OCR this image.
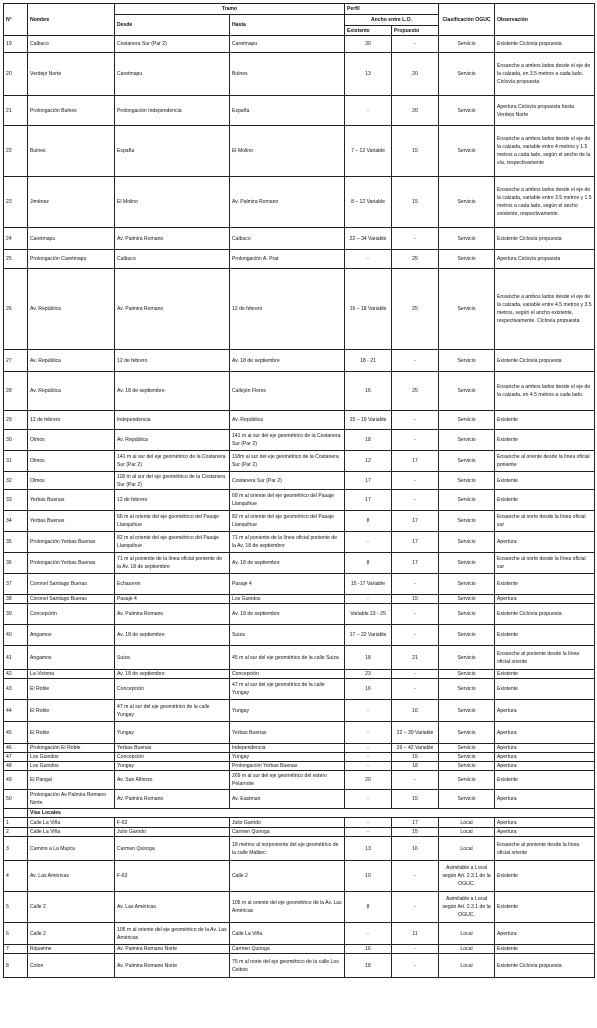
N°	Nombre	Tramo		Perfil		Clasificación OGUC	Observación
		Desde	Hasta	Ancho entre L.O.			
				Existente	Propuesto		
19	Calbuco	Costanera Sur (Par 2)	Caretmapu	30	-	Servicio	Existente Ciclovía propuesta
20	Verdejo Norte	Caretmapu	Bulnes	13	20	Servicio	Ensanche a ambos lados desde el eje de la calzada, en 3.5 metros a cada lado. Ciclovía propuesta
21	Prolongación Bulnes	Prolongación Independencia	España	-	20	Servicio	Apertura Ciclovía propuesta hasta Verdejo Norte
22	Bulnes	España	El Molino	7 – 12 Variable	15	Servicio	Ensanche a ambos lados desde el eje de la calzada, variable entre 4 metros y 1.5 metros a cada lado, según el ancho de la vía, respectivamente
23	Jiménez	El Molino	Av. Palmira Romano	8 – 12 Variable	15	Servicio	Ensanche a ambos lados desde el eje de la calzada, variable entre 3.5 metros y 1.5 metros a cada lado, según el ancho existente, respectivamente.
24	Caretmapu	Av. Palmira Romano	Calbuco	22 – 34 Variable	-	Servicio	Existente Ciclovía propuesta
25	Prolongación Caretmapu	Calbuco	Prolongación A. Prat	-	25	Servicio	Apertura Ciclovía propuesta
26	Av. República	Av. Palmira Romano	12 de febrero	16 – 18 Variable	25	Servicio	Ensanche a ambos lados desde el eje de la calzada, variable entre 4.5 metros y 3.5 metros, según el ancho existente, respectivamente. Ciclovía propuesta
27	Av. República	12 de febrero	Av. 18 de septiembre	18 - 21	-	Servicio	Existente Ciclovía propuesta
28	Av. República	Av. 18 de septiembre	Callejón Flores	16	25	Servicio	Ensanche a ambos lados desde el eje de la calzada, en 4.5 metros a cada lado.
29	12 de febrero	Independencia	Av. República	15 – 19 Variable	-	Servicio	Existente
30	Olmos	Av. República	141 m al sur del eje geométrico de la Costanera Sur (Par 2)	18	-	Servicio	Existente
31	Olmos	141 m al sur del eje geométrico de la Costanera Sur (Par 2)	118m al sur del eje geométrico de la Costanera Sur (Par 2)	12	17	Servicio	Ensanche al oriente desde la línea oficial poniente
32	Olmos	118 m al sur del eje geométrico de la Costanera Sur (Par 2)	Costanera Sur (Par 2)	17	-	Servicio	Existente
33	Yerbas Buenas	12 de febrero	68 m al oriente del eje geométrico del Pasaje Llanquihue	17	-	Servicio	Existente
34	Yerbas Buenas	66 m al oriente del eje geométrico del Pasaje Llanquihue	82 m al oriente del eje geométrico del Pasaje Llanquihue	8	17	Servicio	Ensanche al norte desde la línea oficial sur
35	Prolongación Yerbas Buenas	82 m al oriente del eje geométrico del Pasaje Llanquihue	71 m al poniente de la línea oficial poniente de la Av. 18 de septiembre	-	17	Servicio	Apertura
36	Prolongación Yerbas Buenas	71 m al poniente de la línea oficial poniente de la Av. 18 de septiembre	Av. 18 de septiembre	8	17	Servicio	Ensanche al norte desde la línea oficial sur
37	Coronel Santiago Bueras	Echaurren	Pasaje 4	15 -17 Variable	-	Servicio	Existente
38	Coronel Santiago Bueras	Pasaje 4	Los Guindos	-	15	Servicio	Apertura
39	Concepción	Av. Palmira Romano	Av. 18 de septiembre	Variable 23 - 25	-	Servicio	Existente Ciclovía propuesta
40	Angamos	Av. 18 de septiembre	Suiza	17 – 22 Variable	-	Servicio	Existente
41	Angamos	Suiza	45 m al sur del eje geométrico de la calle Suiza	18	21	Servicio	Ensanche al poniente desde la línea oficial oriente
42	La Victoria	Av. 18 de septiembre	Concepción	23	-	Servicio	Existente
43	El Roble	Concepción	47 m al sur del eje geométrico de la calle Yungay	16	-	Servicio	Existente
44	El Roble	47 m al sur del eje geométrico de la calle Yungay	Yungay	-	16	Servicio	Apertura
45	El Roble	Yungay	Yerbas Buenas	-	22 – 30 Variable	Servicio	Apertura
46	Prolongación El Roble	Yerbas Buenas	Independencia	-	29 – 42 Variable	Servicio	Apertura
47	Los Guindos	Concepción	Yungay	-	15	Servicio	Apertura
48	Los Guindos	Yungay	Prolongación Yerbas Buenas	-	18	Servicio	Apertura
49	El Pangal	Av. San Alfonso	269 m al sur del eje geométrico del estero Pelarnote	20	-	Servicio	Existente
50	Prolongación Av Palmira Romano Norte	Av. Palmira Romano	Av. Eastman	-	15	Servicio	Apertura
	Vías Locales						
1	Calle La Viña	F-62	Julio Garrido	-	17	Local	Apertura
2	Calle La Viña	Julio Garrido	Carmen Quiroga	-	15	Local	Apertura
3	Camino a La Mujica	Carmen Quiroga	18 metros al norponiente del eje geométrico de la calle Malbec.	13	16	Local	Ensanche al poniente desde la línea oficial oriente
4	Av. Las Américas	F-62	Calle 2	10	-	Asimilable a Local según Art. 2.3.1 de la OGUC.	Existente
5	Calle 2	Av. Las Américas	105 m al oriente del eje geométrico de la Av. Las Américas	8	-	Asimilable a Local según Art. 2.3.1 de la OGUC.	Existente
6	Calle 2	105 m al oriente del eje geométrico de la Av. Las Américas	Calle La Viña	-	11	Local	Apertura
7	Riquelme	Av. Palmira Romano Norte	Carmen Quiroga	16	-	Local	Existente
8	Colon	Av. Palmira Romano Norte	75 m al norte del eje geométrico de la calle Los Ceibos	18	-	Local	Existente Ciclovía propuesta
